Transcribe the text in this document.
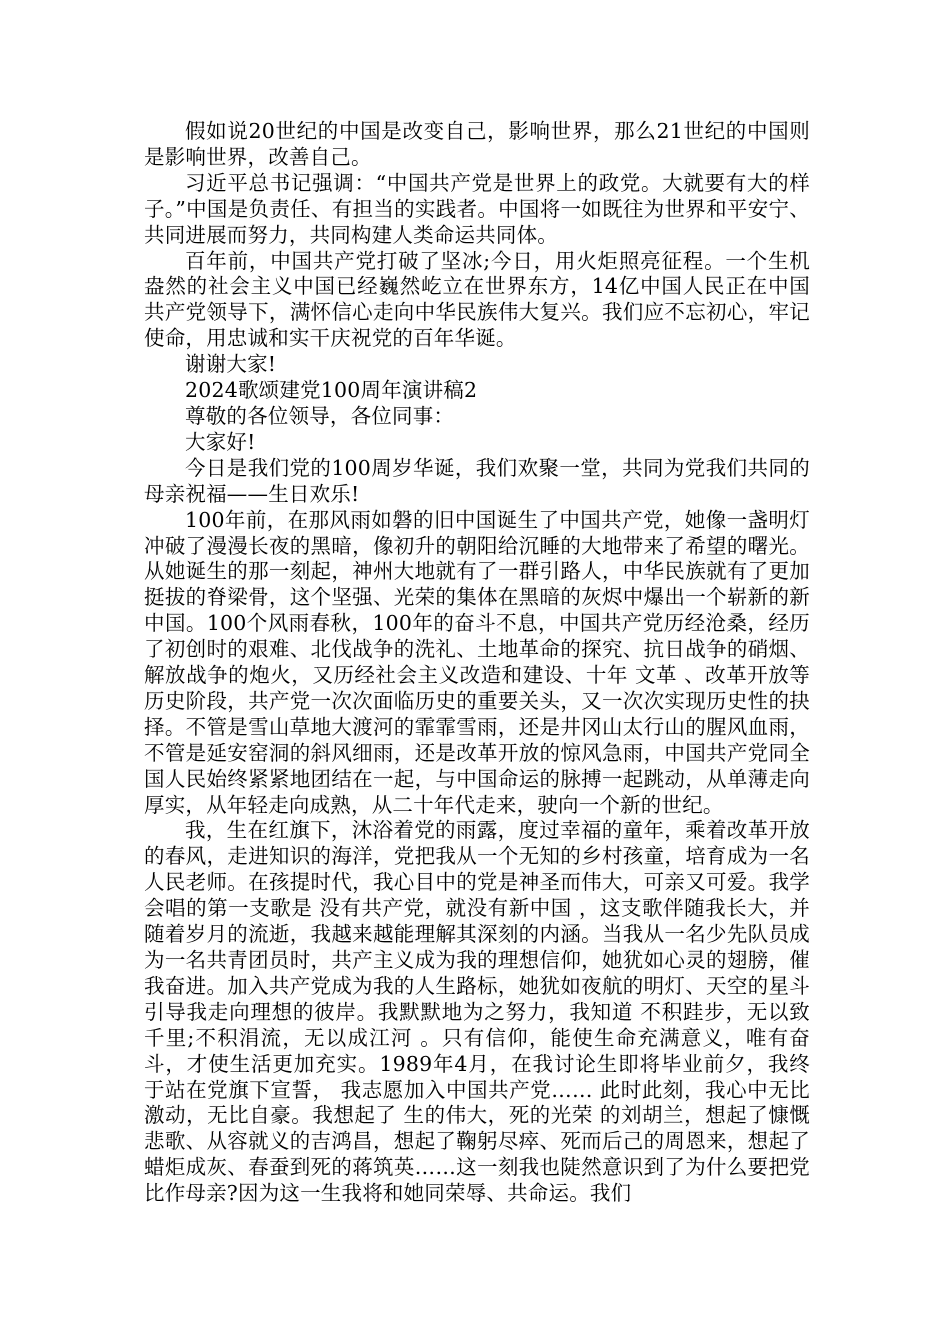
假如说20世纪的中国是改变自己，影响世界，那么21世纪的中国则是影响世界，改善自己。

习近平总书记强调：“中国共产党是世界上的政党。大就要有大的样子。”中国是负责任、有担当的实践者。中国将一如既往为世界和平安宁、共同进展而努力，共同构建人类命运共同体。

百年前，中国共产党打破了坚冰;今日，用火炬照亮征程。一个生机盎然的社会主义中国已经巍然屹立在世界东方，14亿中国人民正在中国共产党领导下，满怀信心走向中华民族伟大复兴。我们应不忘初心，牢记使命，用忠诚和实干庆祝党的百年华诞。

谢谢大家!

2024歌颂建党100周年演讲稿2

尊敬的各位领导，各位同事：

大家好!

今日是我们党的100周岁华诞，我们欢聚一堂，共同为党我们共同的母亲祝福——生日欢乐!

100年前，在那风雨如磐的旧中国诞生了中国共产党，她像一盏明灯冲破了漫漫长夜的黑暗，像初升的朝阳给沉睡的大地带来了希望的曙光。从她诞生的那一刻起，神州大地就有了一群引路人，中华民族就有了更加挺拔的脊梁骨，这个坚强、光荣的集体在黑暗的灰烬中爆出一个崭新的新中国。100个风雨春秋，100年的奋斗不息，中国共产党历经沧桑，经历了初创时的艰难、北伐战争的洗礼、土地革命的探究、抗日战争的硝烟、解放战争的炮火，又历经社会主义改造和建设、十年 文革 、改革开放等历史阶段，共产党一次次面临历史的重要关头，又一次次实现历史性的抉择。不管是雪山草地大渡河的霏霏雪雨，还是井冈山太行山的腥风血雨，不管是延安窑洞的斜风细雨，还是改革开放的惊风急雨，中国共产党同全国人民始终紧紧地团结在一起，与中国命运的脉搏一起跳动，从单薄走向厚实，从年轻走向成熟，从二十年代走来，驶向一个新的世纪。

我，生在红旗下，沐浴着党的雨露，度过幸福的童年，乘着改革开放的春风，走进知识的海洋，党把我从一个无知的乡村孩童，培育成为一名人民老师。在孩提时代，我心目中的党是神圣而伟大，可亲又可爱。我学会唱的第一支歌是 没有共产党，就没有新中国 ，这支歌伴随我长大，并随着岁月的流逝，我越来越能理解其深刻的内涵。当我从一名少先队员成为一名共青团员时，共产主义成为我的理想信仰，她犹如心灵的翅膀，催我奋进。加入共产党成为我的人生路标，她犹如夜航的明灯、天空的星斗引导我走向理想的彼岸。我默默地为之努力，我知道 不积跬步，无以致千里;不积涓流，无以成江河 。只有信仰，能使生命充满意义，唯有奋斗，才使生活更加充实。1989年4月，在我讨论生即将毕业前夕，我终于站在党旗下宣誓， 我志愿加入中国共产党…… 此时此刻，我心中无比激动，无比自豪。我想起了 生的伟大，死的光荣 的刘胡兰，想起了慷慨悲歌、从容就义的吉鸿昌，想起了鞠躬尽瘁、死而后己的周恩来，想起了蜡炬成灰、春蚕到死的蒋筑英……这一刻我也陡然意识到了为什么要把党比作母亲?因为这一生我将和她同荣辱、共命运。我们
